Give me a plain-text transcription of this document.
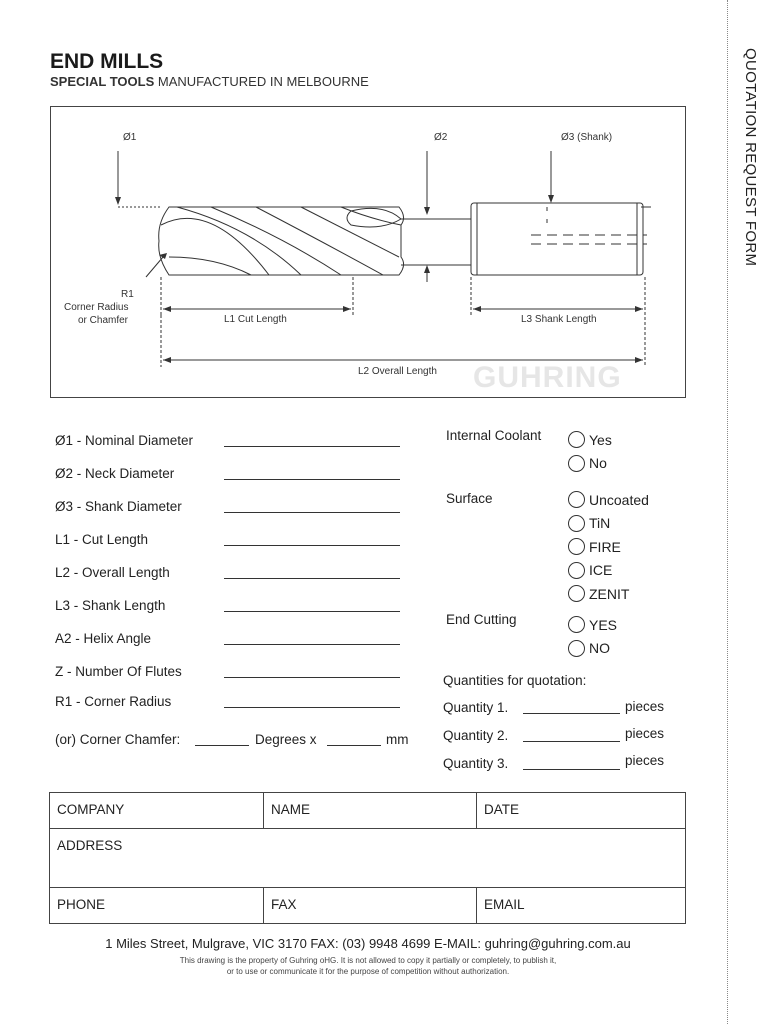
QUOTATION REQUEST FORM
END MILLS
SPECIAL TOOLS MANUFACTURED IN MELBOURNE
GUHRING
Ø1	Ø2	Ø3 (Shank)
R1
Corner Radius
or Chamfer	L1 Cut Length	L3 Shank Length
L2 Overall Length
Ø1 - Nominal Diameter
Ø2 - Neck Diameter
Ø3 - Shank Diameter
L1 - Cut Length
L2 - Overall Length
L3 - Shank Length
A2 - Helix Angle
Z - Number Of Flutes
R1 - Corner Radius
(or) Corner Chamfer:	Degrees x	mm
Internal Coolant	Yes
No
Surface	Uncoated
TiN
FIRE
ICE
ZENIT
End Cutting	YES
NO
Quantities for quotation:
Quantity 1.	pieces
Quantity 2.	pieces
Quantity 3.	pieces
COMPANY	NAME	DATE
ADDRESS		
PHONE	FAX	EMAIL
1 Miles Street, Mulgrave, VIC 3170 FAX: (03) 9948 4699 E-MAIL: guhring@guhring.com.au
This drawing is the property of Guhring oHG. It is not allowed to copy it partially or completely, to publish it,
or to use or communicate it for the purpose of competition without authorization.
